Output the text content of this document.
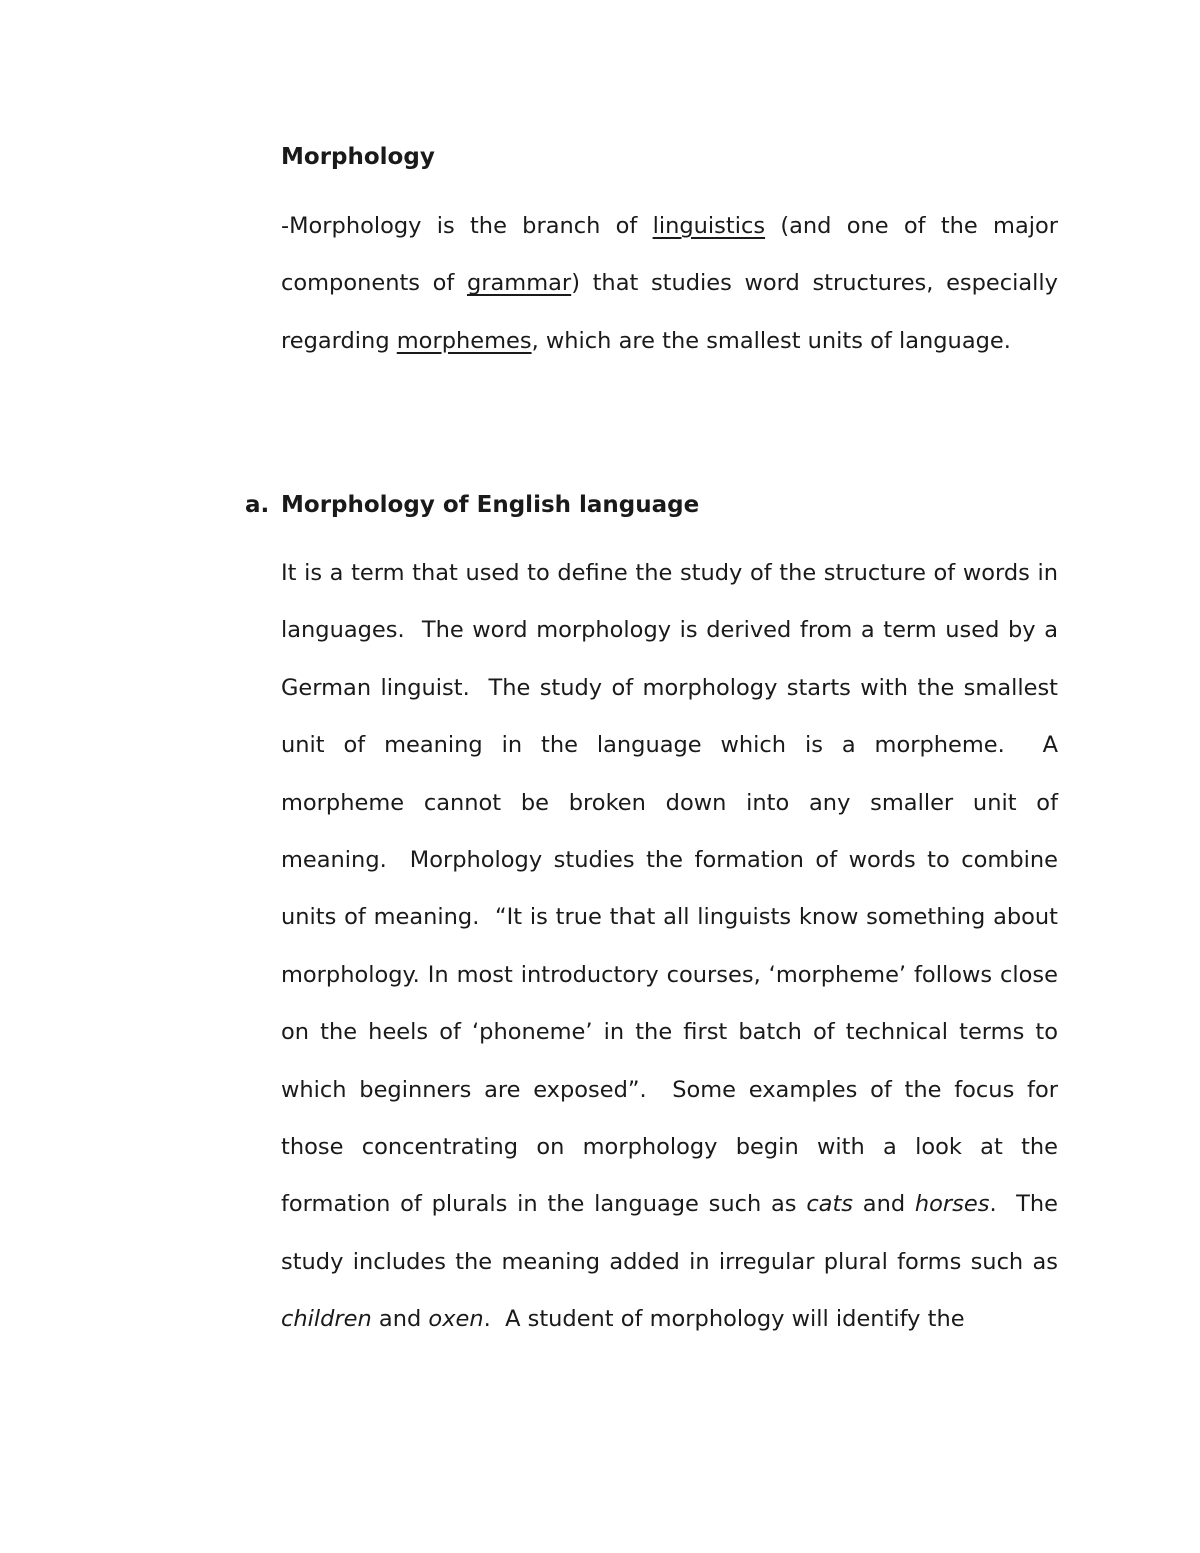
Morphology

-Morphology is the branch of linguistics (and one of the major components of grammar) that studies word structures, especially regarding morphemes, which are the smallest units of language.

a. Morphology of English language

It is a term that used to define the study of the structure of words in languages.  The word morphology is derived from a term used by a German linguist.  The study of morphology starts with the smallest unit of meaning in the language which is a morpheme.  A morpheme cannot be broken down into any smaller unit of meaning.  Morphology studies the formation of words to combine units of meaning.  “It is true that all linguists know something about morphology. In most introductory courses, ‘morpheme’ follows close on the heels of ‘phoneme’ in the first batch of technical terms to which beginners are exposed”.  Some examples of the focus for those concentrating on morphology begin with a look at the formation of plurals in the language such as cats and horses.  The study includes the meaning added in irregular plural forms such as children and oxen.  A student of morphology will identify the
